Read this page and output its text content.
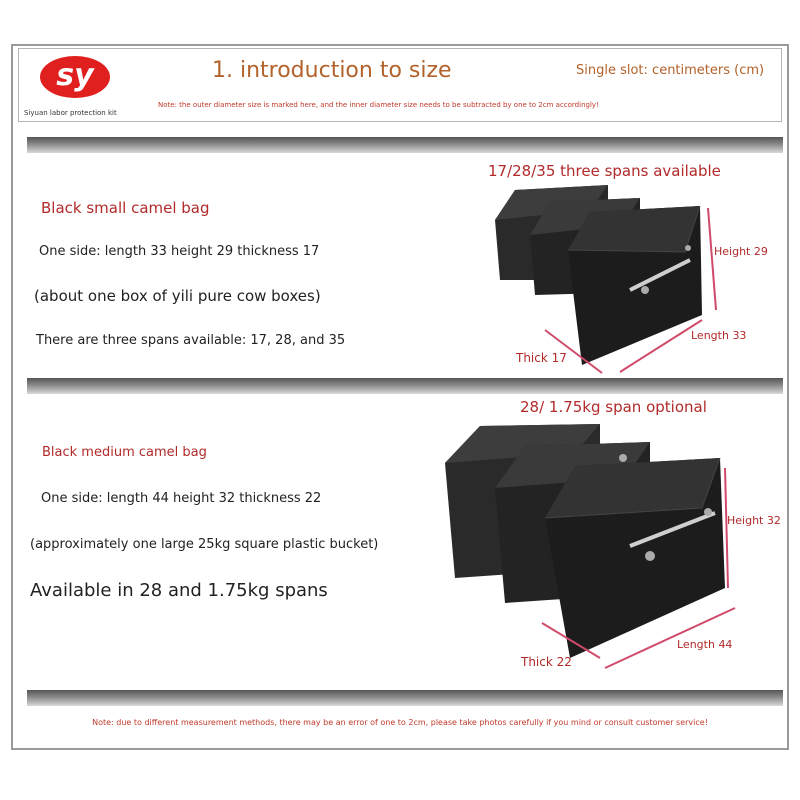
sy
Siyuan labor protection kit
1. introduction to size	Single slot: centimeters (cm)
Note: the outer diameter size is marked here, and the inner diameter size needs to be subtracted by one to 2cm accordingly!
17/28/35 three spans available
Black small camel bag
One side: length 33 height 29 thickness 17
(about one box of yili pure cow boxes)
There are three spans available: 17, 28, and 35
Height 29
Length 33
Thick 17
28/ 1.75kg span optional
Black medium camel bag
One side: length 44 height 32 thickness 22
(approximately one large 25kg square plastic bucket)
Available in 28 and 1.75kg spans
Height 32
Length 44
Thick 22
Note: due to different measurement methods, there may be an error of one to 2cm, please take photos carefully if you mind or consult customer service!
